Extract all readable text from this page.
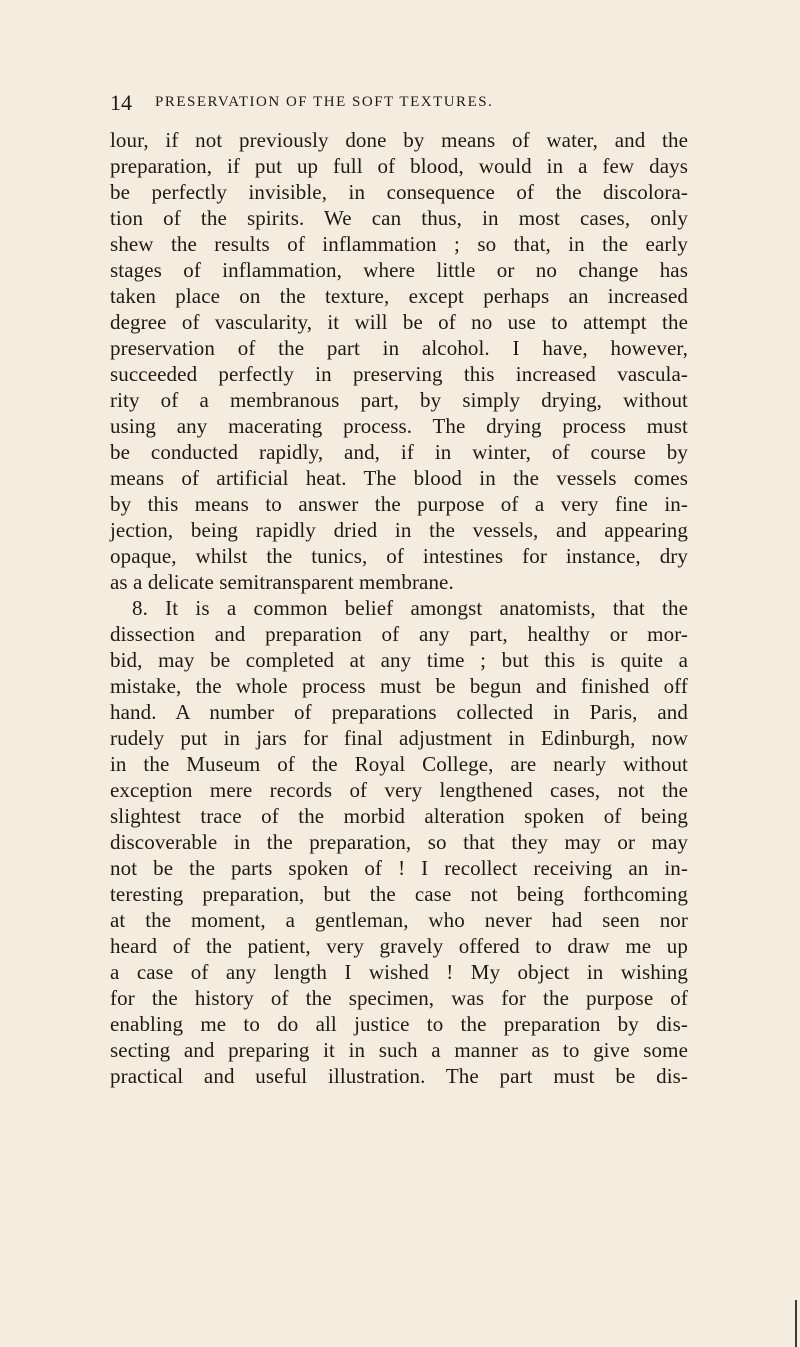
14 PRESERVATION OF THE SOFT TEXTURES.
lour, if not previously done by means of water, and the
preparation, if put up full of blood, would in a few days
be perfectly invisible, in consequence of the discolora-
tion of the spirits. We can thus, in most cases, only
shew the results of inflammation ; so that, in the early
stages of inflammation, where little or no change has
taken place on the texture, except perhaps an increased
degree of vascularity, it will be of no use to attempt the
preservation of the part in alcohol. I have, however,
succeeded perfectly in preserving this increased vascula-
rity of a membranous part, by simply drying, without
using any macerating process. The drying process must
be conducted rapidly, and, if in winter, of course by
means of artificial heat. The blood in the vessels comes
by this means to answer the purpose of a very fine in-
jection, being rapidly dried in the vessels, and appearing
opaque, whilst the tunics, of intestines for instance, dry
as a delicate semitransparent membrane.
8. It is a common belief amongst anatomists, that the
dissection and preparation of any part, healthy or mor-
bid, may be completed at any time ; but this is quite a
mistake, the whole process must be begun and finished off
hand. A number of preparations collected in Paris, and
rudely put in jars for final adjustment in Edinburgh, now
in the Museum of the Royal College, are nearly without
exception mere records of very lengthened cases, not the
slightest trace of the morbid alteration spoken of being
discoverable in the preparation, so that they may or may
not be the parts spoken of ! I recollect receiving an in-
teresting preparation, but the case not being forthcoming
at the moment, a gentleman, who never had seen nor
heard of the patient, very gravely offered to draw me up
a case of any length I wished ! My object in wishing
for the history of the specimen, was for the purpose of
enabling me to do all justice to the preparation by dis-
secting and preparing it in such a manner as to give some
practical and useful illustration. The part must be dis-
